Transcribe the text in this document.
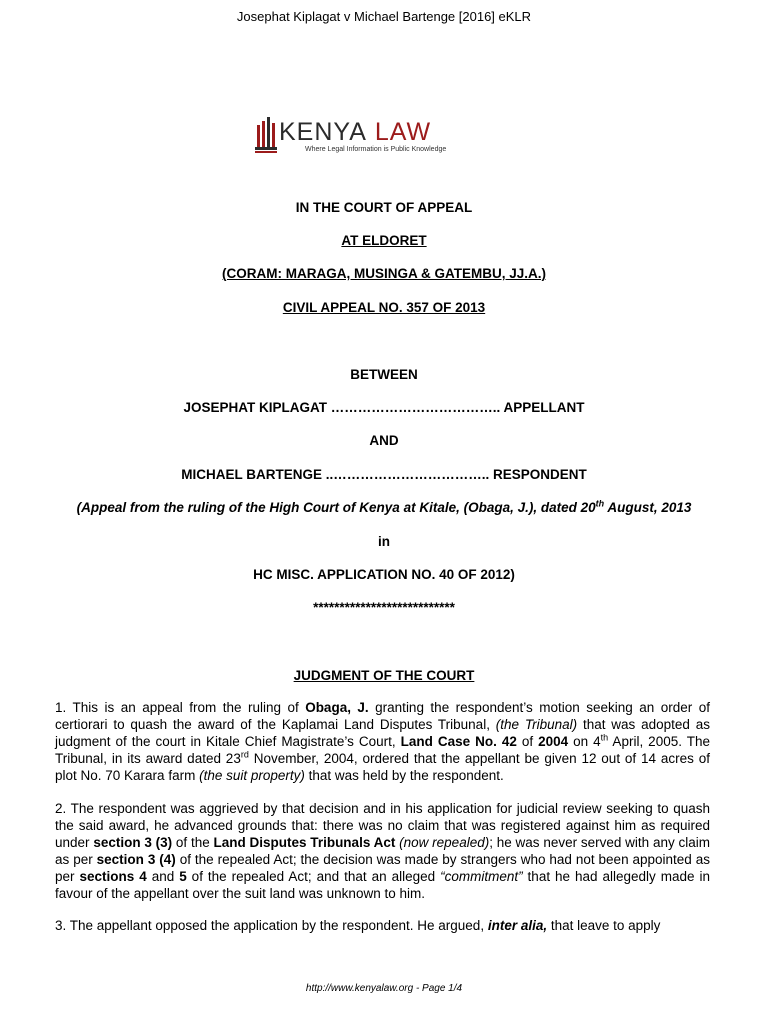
Josephat Kiplagat v Michael Bartenge [2016] eKLR
KENYA LAW
Where Legal Information is Public Knowledge
IN THE COURT OF APPEAL
AT ELDORET
(CORAM: MARAGA, MUSINGA & GATEMBU, JJ.A.)
CIVIL APPEAL NO. 357 OF 2013
BETWEEN
JOSEPHAT KIPLAGAT ……………………………….. APPELLANT
AND
MICHAEL BARTENGE ..…………………………….. RESPONDENT
(Appeal from the ruling of the High Court of Kenya at Kitale, (Obaga, J.), dated 20th August, 2013
in
HC MISC. APPLICATION NO. 40 OF 2012)
***************************
JUDGMENT OF THE COURT
1. This is an appeal from the ruling of Obaga, J. granting the respondent’s motion seeking an order of certiorari to quash the award of the Kaplamai Land Disputes Tribunal, (the Tribunal) that was adopted as judgment of the court in Kitale Chief Magistrate’s Court, Land Case No. 42 of 2004 on 4th April, 2005. The Tribunal, in its award dated 23rd November, 2004, ordered that the appellant be given 12 out of 14 acres of plot No. 70 Karara farm (the suit property) that was held by the respondent.
2. The respondent was aggrieved by that decision and in his application for judicial review seeking to quash the said award, he advanced grounds that: there was no claim that was registered against him as required under section 3 (3) of the Land Disputes Tribunals Act (now repealed); he was never served with any claim as per section 3 (4) of the repealed Act; the decision was made by strangers who had not been appointed as per sections 4 and 5 of the repealed Act; and that an alleged “commitment” that he had allegedly made in favour of the appellant over the suit land was unknown to him.
3. The appellant opposed the application by the respondent. He argued, inter alia, that leave to apply
http://www.kenyalaw.org - Page 1/4
